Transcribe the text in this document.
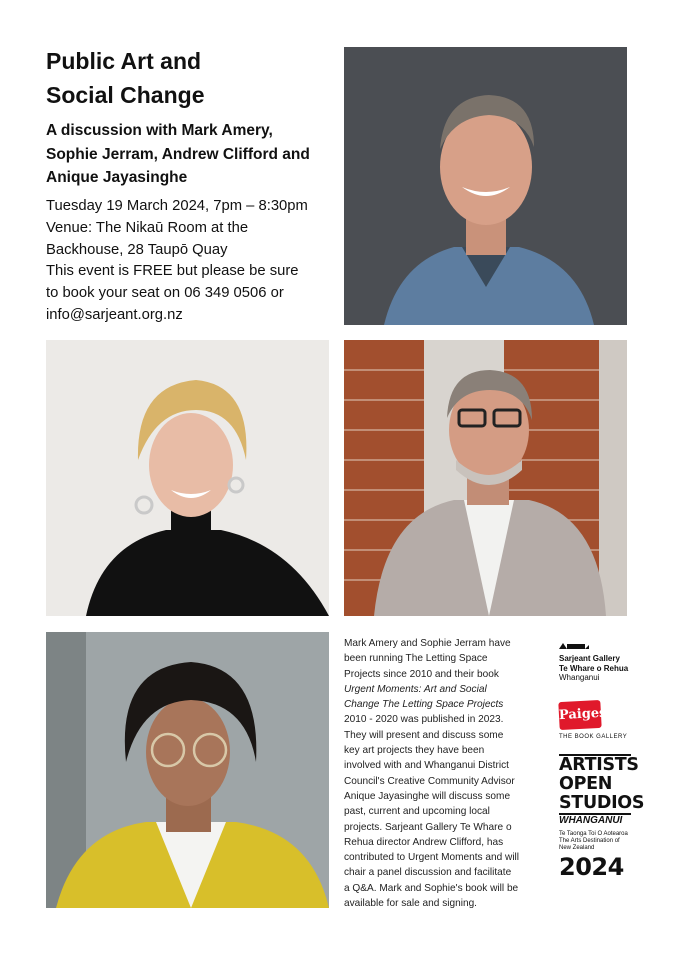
Public Art and
Social Change
A discussion with Mark Amery,
Sophie Jerram, Andrew Clifford and
Anique Jayasinghe
Tuesday 19 March 2024, 7pm – 8:30pm
Venue: The Nikaū Room at the
Backhouse, 28 Taupō Quay
This event is FREE but please be sure
to book your seat on 06 349 0506 or
info@sarjeant.org.nz
Mark Amery and Sophie Jerram have
been running The Letting Space
Projects since 2010 and their book
Urgent Moments: Art and Social
Change The Letting Space Projects
2010 - 2020 was published in 2023.
They will present and discuss some
key art projects they have been
involved with and Whanganui District
Council's Creative Community Advisor
Anique Jayasinghe will discuss some
past, current and upcoming local
projects. Sarjeant Gallery Te Whare o
Rehua director Andrew Clifford, has
contributed to Urgent Moments and will
chair a panel discussion and facilitate
a Q&A. Mark and Sophie's book will be
available for sale and signing.
Sarjeant Gallery
Te Whare o Rehua
Whanganui
Paiges
THE BOOK GALLERY
ARTISTS
OPEN
STUDIOS
WHANGANUI
Te Taonga Toi O Aotearoa
The Arts Destination of New Zealand
2024
